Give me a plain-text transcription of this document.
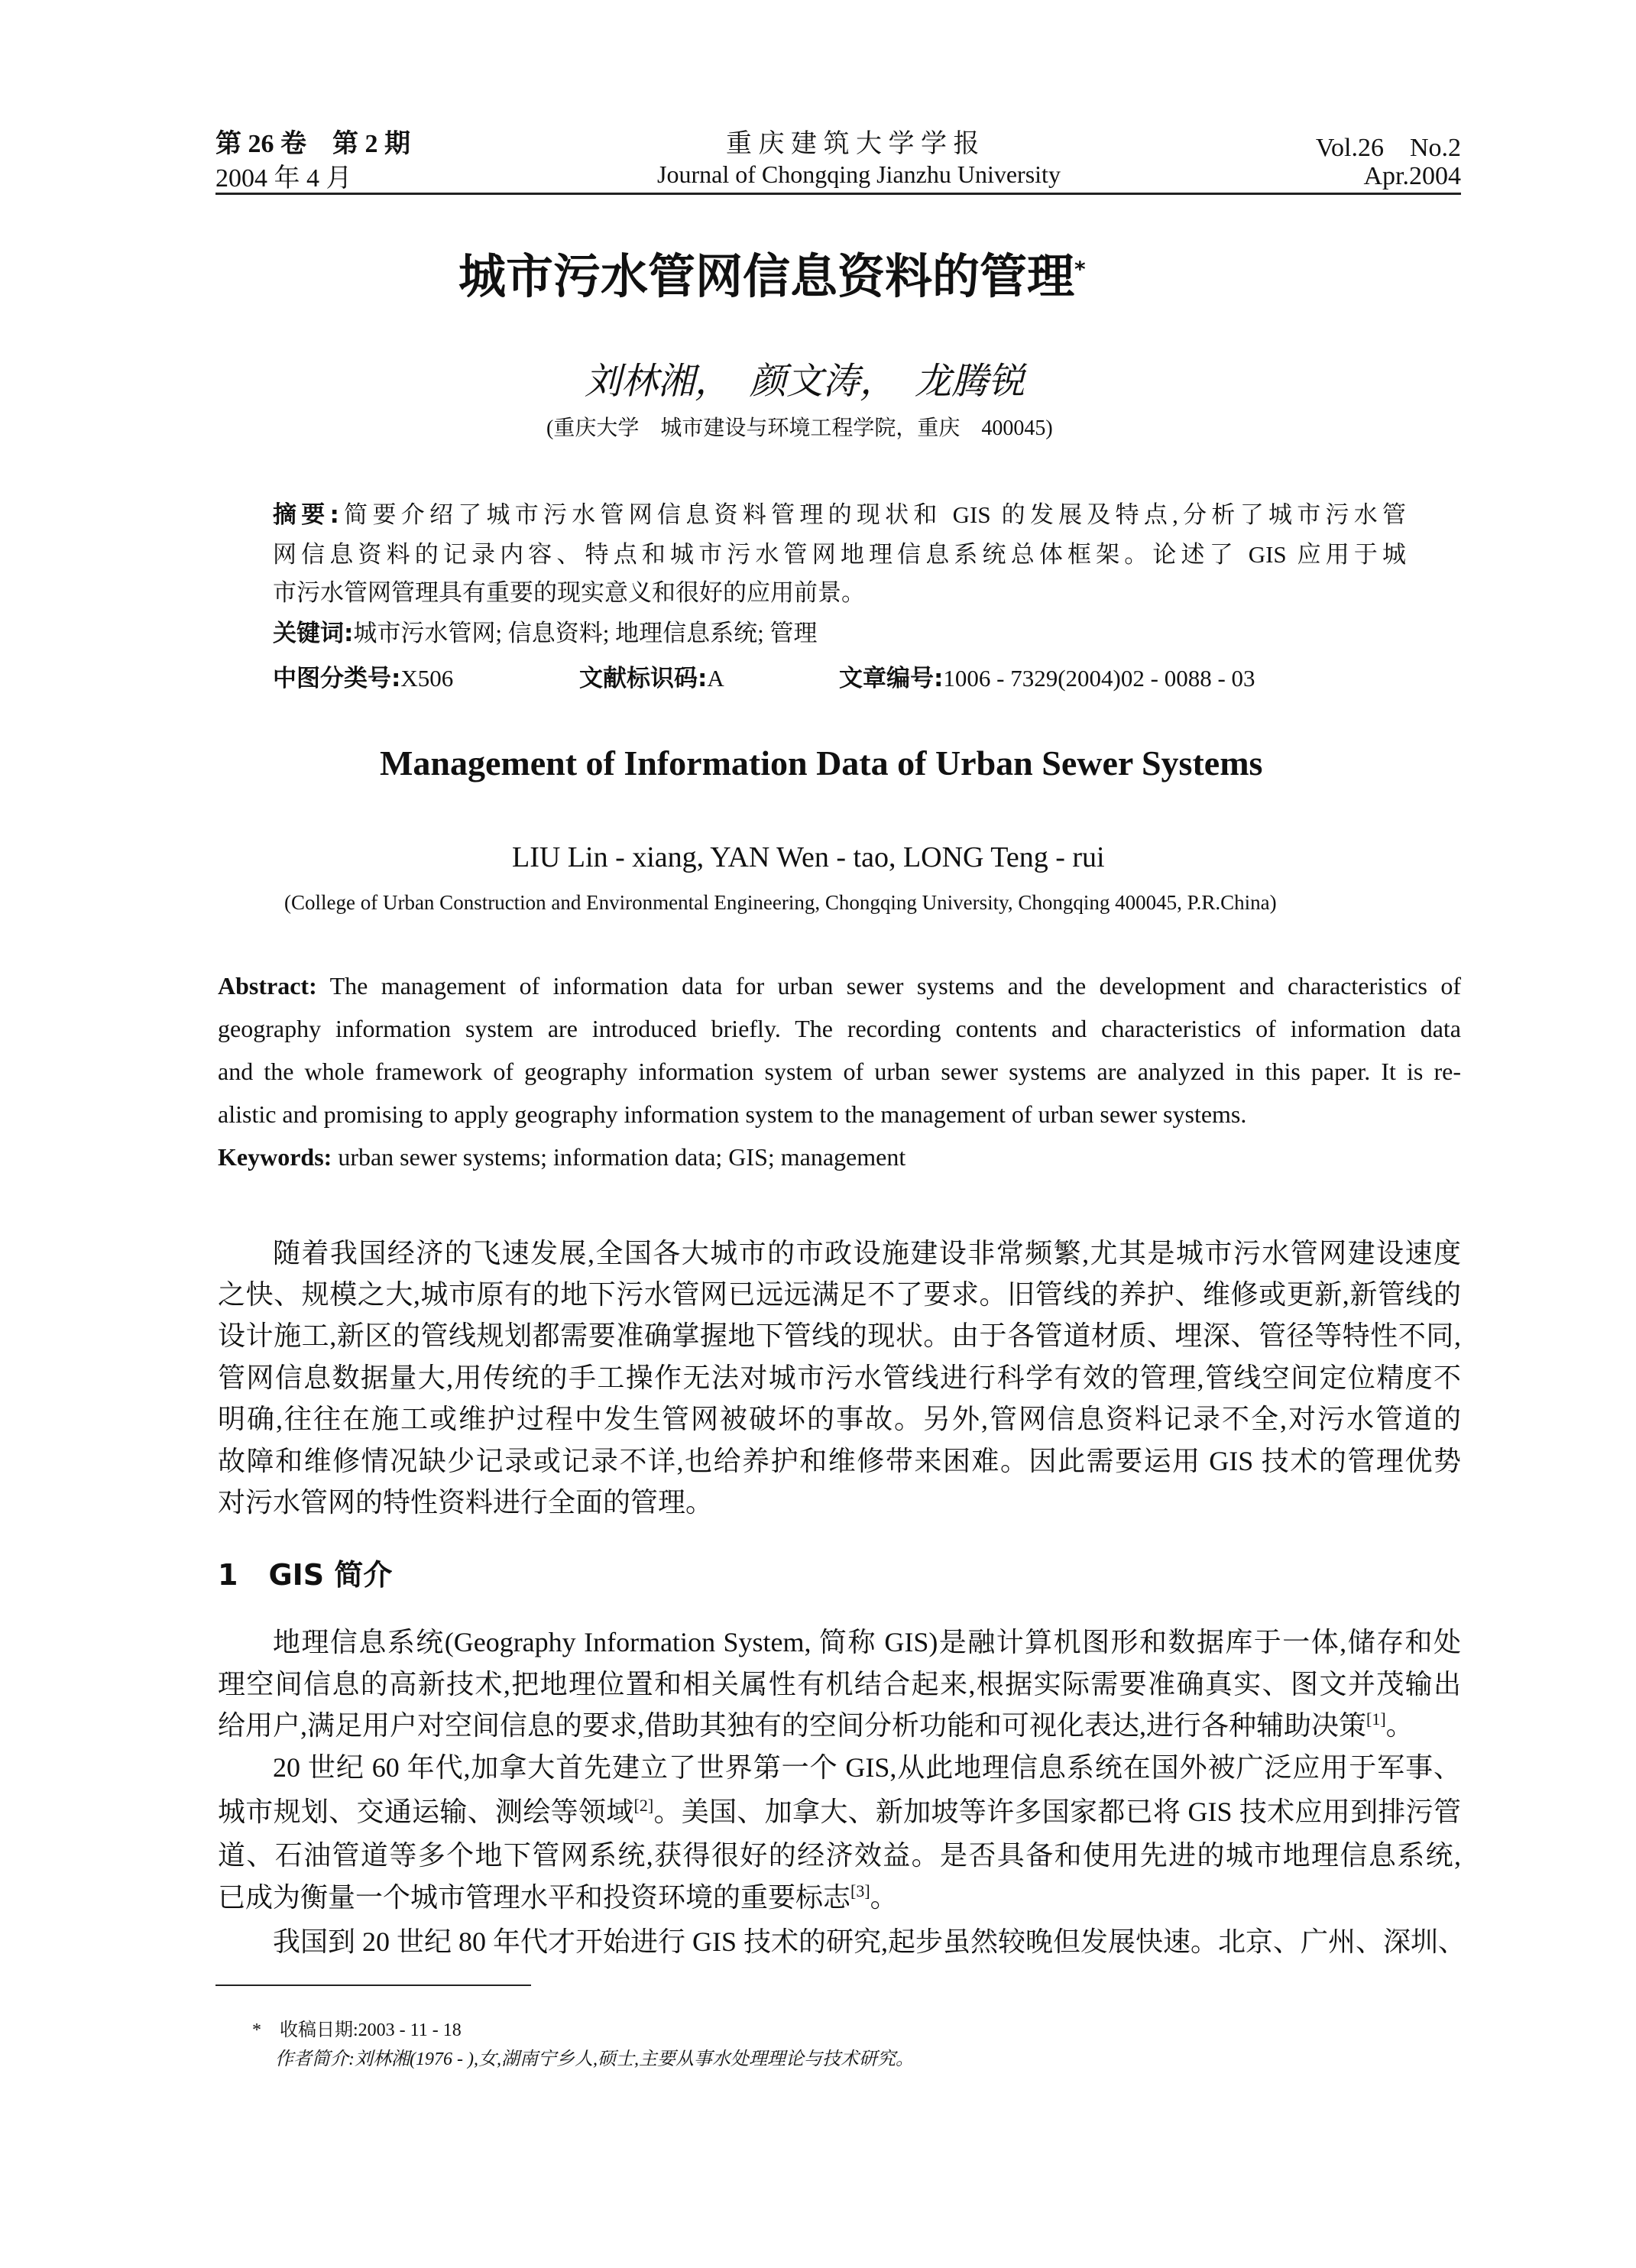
第 26 卷　第 2 期
2004 年 4 月
重 庆 建 筑 大 学 学 报
Journal of Chongqing Jianzhu University
Vol.26　No.2
Apr.2004
城市污水管网信息资料的管理*
刘林湘，　颜文涛，　龙腾锐
(重庆大学　城市建设与环境工程学院，重庆　400045)
摘要:简要介绍了城市污水管网信息资料管理的现状和 GIS 的发展及特点,分析了城市污水管
网信息资料的记录内容、特点和城市污水管网地理信息系统总体框架。论述了 GIS 应用于城
市污水管网管理具有重要的现实意义和很好的应用前景。
关键词:城市污水管网; 信息资料; 地理信息系统; 管理
中图分类号:X506	文献标识码:A	文章编号:1006 - 7329(2004)02 - 0088 - 03
Management of Information Data of Urban Sewer Systems
LIU Lin - xiang, YAN Wen - tao, LONG Teng - rui
(College of Urban Construction and Environmental Engineering, Chongqing University, Chongqing 400045, P.R.China)
Abstract: The management of information data for urban sewer systems and the development and characteristics of
geography information system are introduced briefly. The recording contents and characteristics of information data
and the whole framework of geography information system of urban sewer systems are analyzed in this paper. It is re-
alistic and promising to apply geography information system to the management of urban sewer systems.
Keywords: urban sewer systems; information data; GIS; management
随着我国经济的飞速发展,全国各大城市的市政设施建设非常频繁,尤其是城市污水管网建设速度
之快、规模之大,城市原有的地下污水管网已远远满足不了要求。旧管线的养护、维修或更新,新管线的
设计施工,新区的管线规划都需要准确掌握地下管线的现状。由于各管道材质、埋深、管径等特性不同,
管网信息数据量大,用传统的手工操作无法对城市污水管线进行科学有效的管理,管线空间定位精度不
明确,往往在施工或维护过程中发生管网被破坏的事故。另外,管网信息资料记录不全,对污水管道的
故障和维修情况缺少记录或记录不详,也给养护和维修带来困难。因此需要运用 GIS 技术的管理优势
对污水管网的特性资料进行全面的管理。
1 GIS 简介
地理信息系统(Geography Information System, 简称 GIS)是融计算机图形和数据库于一体,储存和处
理空间信息的高新技术,把地理位置和相关属性有机结合起来,根据实际需要准确真实、图文并茂输出
给用户,满足用户对空间信息的要求,借助其独有的空间分析功能和可视化表达,进行各种辅助决策[1]。
20 世纪 60 年代,加拿大首先建立了世界第一个 GIS,从此地理信息系统在国外被广泛应用于军事、
城市规划、交通运输、测绘等领域[2]。美国、加拿大、新加坡等许多国家都已将 GIS 技术应用到排污管
道、石油管道等多个地下管网系统,获得很好的经济效益。是否具备和使用先进的城市地理信息系统,
已成为衡量一个城市管理水平和投资环境的重要标志[3]。
我国到 20 世纪 80 年代才开始进行 GIS 技术的研究,起步虽然较晚但发展快速。北京、广州、深圳、
*　收稿日期:2003 - 11 - 18
作者简介:刘林湘(1976 - ),女,湖南宁乡人,硕士,主要从事水处理理论与技术研究。
